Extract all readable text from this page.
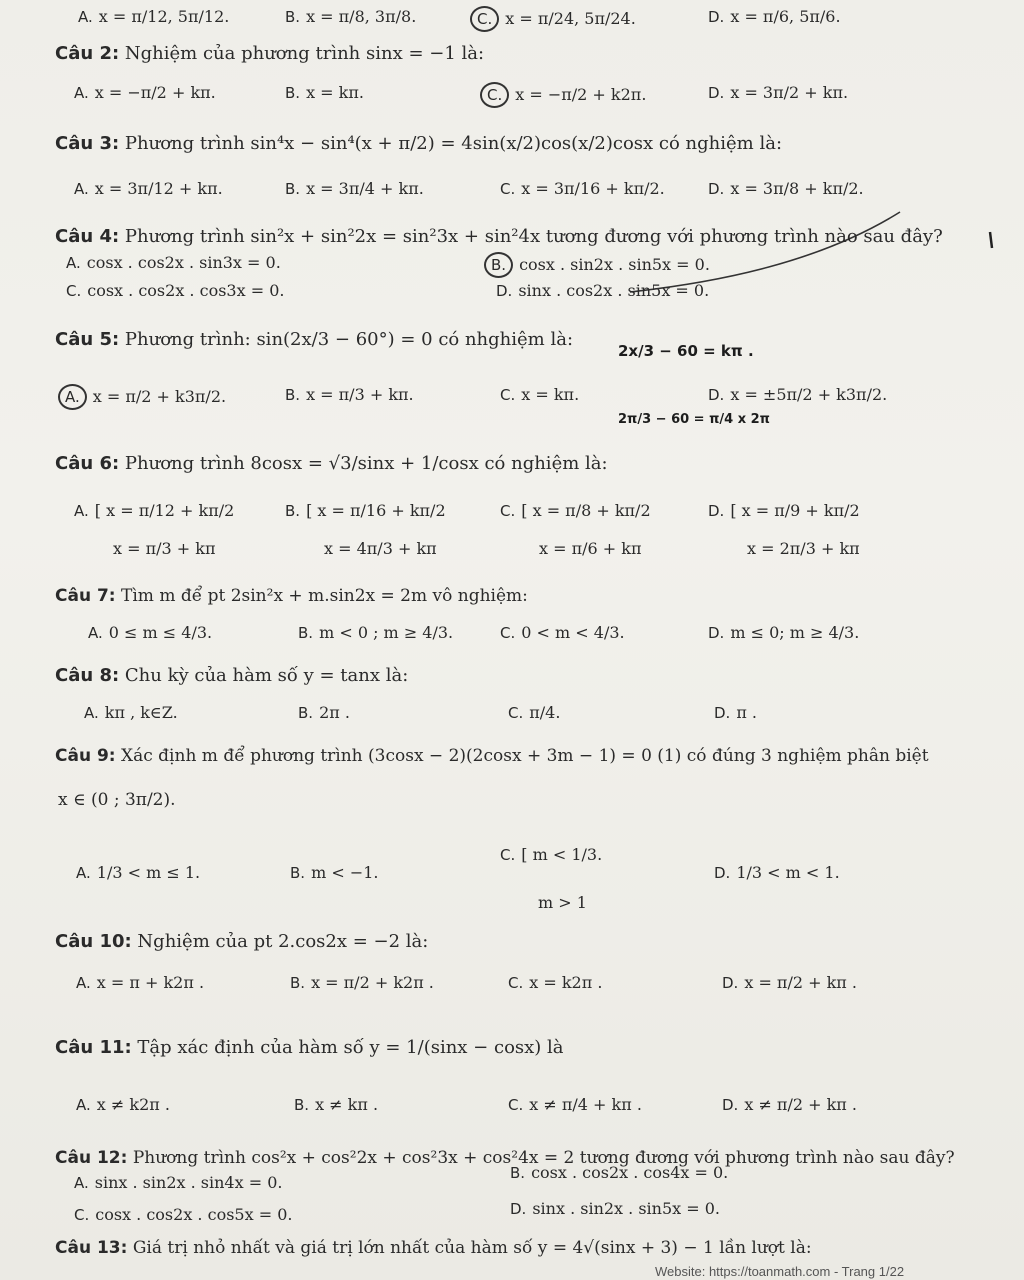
A. x = π/12, 5π/12.	B. x = π/8, 3π/8.	C. x = π/24, 5π/24.	D. x = π/6, 5π/6.
Câu 2: Nghiệm của phương trình sinx = −1 là:
A. x = −π/2 + kπ.	B. x = kπ.	C. x = −π/2 + k2π.	D. x = 3π/2 + kπ.
Câu 3: Phương trình sin⁴x − sin⁴(x + π/2) = 4sin(x/2)cos(x/2)cosx có nghiệm là:
A. x = 3π/12 + kπ.	B. x = 3π/4 + kπ.	C. x = 3π/16 + kπ/2.	D. x = 3π/8 + kπ/2.
Câu 4: Phương trình sin²x + sin²2x = sin²3x + sin²4x tương đương với phương trình nào sau đây?
A. cosx . cos2x . sin3x = 0.	B. cosx . sin2x . sin5x = 0.
C. cosx . cos2x . cos3x = 0.	D. sinx . cos2x . sin5x = 0.
Câu 5: Phương trình: sin(2x/3 − 60°) = 0 có nhghiệm là:
2x/3 − 60 = kπ .
A. x = π/2 + k3π/2.	B. x = π/3 + kπ.	C. x = kπ.	D. x = ±5π/2 + k3π/2.
2π/3 − 60 = π/4 x 2π
Câu 6: Phương trình 8cosx = √3/sinx + 1/cosx có nghiệm là:
A. [ x = π/12 + kπ/2	B. [ x = π/16 + kπ/2	C. [ x = π/8 + kπ/2	D. [ x = π/9 + kπ/2
x = π/3 + kπ	x = 4π/3 + kπ	x = π/6 + kπ	x = 2π/3 + kπ
Câu 7: Tìm m để pt 2sin²x + m.sin2x = 2m vô nghiệm:
A. 0 ≤ m ≤ 4/3.	B. m < 0 ; m ≥ 4/3.	C. 0 < m < 4/3.	D. m ≤ 0; m ≥ 4/3.
Câu 8: Chu kỳ của hàm số y = tanx là:
A. kπ , k∈Z.	B. 2π .	C. π/4.	D. π .
Câu 9: Xác định m để phương trình (3cosx − 2)(2cosx + 3m − 1) = 0 (1) có đúng 3 nghiệm phân biệt
x ∈ (0 ; 3π/2).
A. 1/3 < m ≤ 1.	B. m < −1.
C. [ m < 1/3.
m > 1
D. 1/3 < m < 1.
Câu 10: Nghiệm của pt 2.cos2x = −2 là:
A. x = π + k2π .	B. x = π/2 + k2π .	C. x = k2π .	D. x = π/2 + kπ .
Câu 11: Tập xác định của hàm số y = 1/(sinx − cosx) là
A. x ≠ k2π .	B. x ≠ kπ .	C. x ≠ π/4 + kπ .	D. x ≠ π/2 + kπ .
Câu 12: Phương trình cos²x + cos²2x + cos²3x + cos²4x = 2 tương đương với phương trình nào sau đây?
A. sinx . sin2x . sin4x = 0.	B. cosx . cos2x . cos4x = 0.
C. cosx . cos2x . cos5x = 0.	D. sinx . sin2x . sin5x = 0.
Câu 13: Giá trị nhỏ nhất và giá trị lớn nhất của hàm số y = 4√(sinx + 3) − 1 lần lượt là:
Website: https://toanmath.com - Trang 1/22
